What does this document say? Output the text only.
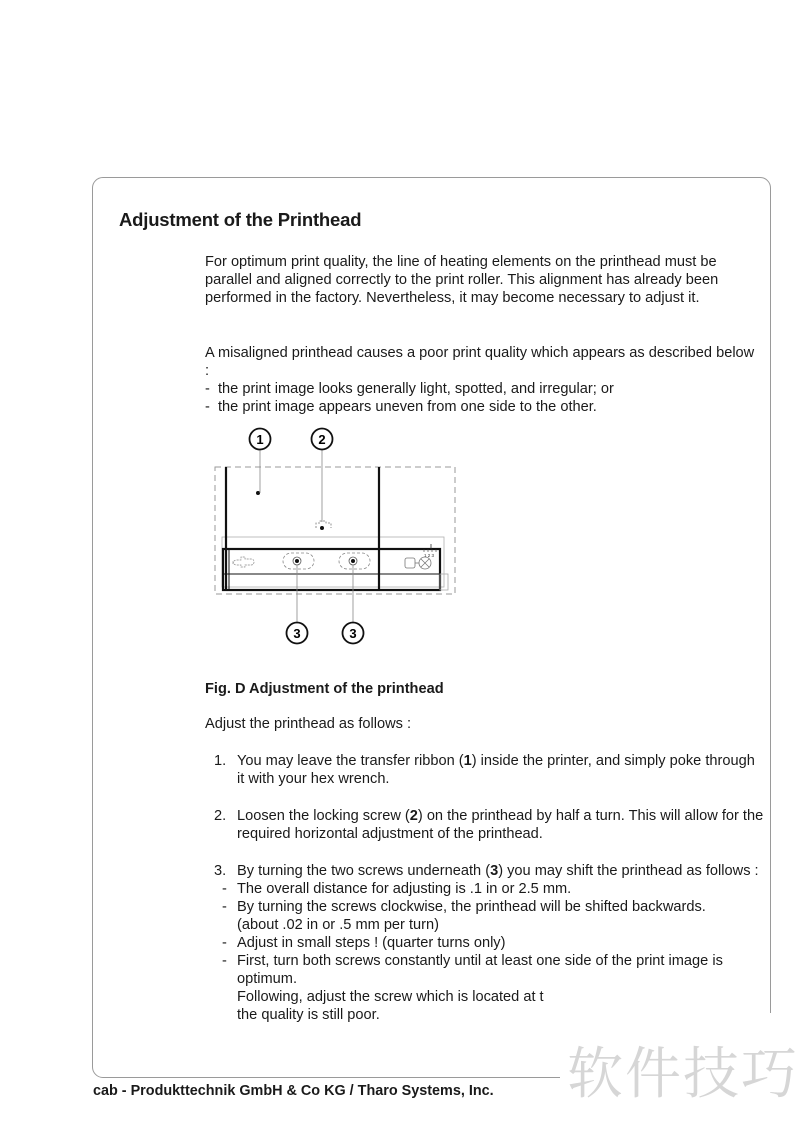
Adjustment of the Printhead

For optimum print quality, the line of heating elements on the printhead must be parallel and aligned correctly to the print roller. This alignment has already been performed in the factory. Nevertheless, it may become necessary to adjust it.

A misaligned printhead causes a poor print quality which appears as described below :
-  the print image looks generally light, spotted, and irregular; or
-  the print image appears uneven from one side to the other.
1 2 3
1	2
3	3

Fig. D Adjustment of the printhead

Adjust the printhead as follows :

1. You may leave the transfer ribbon (1) inside the printer, and simply poke through it with your hex wrench.

2. Loosen the locking screw (2) on the printhead by half a turn. This will allow for the required horizontal adjustment of the printhead.

3. By turning the two screws underneath (3) you may shift the printhead as follows :
- The overall distance for adjusting is .1 in or 2.5 mm.
- By turning the screws clockwise, the printhead will be shifted backwards.
(about .02 in or .5 mm per turn)
- Adjust in small steps ! (quarter turns only)
- First, turn both screws constantly until at least one side of the print image is optimum.
Following, adjust the screw which is located at t
the quality is still poor.
软件技巧

cab - Produkttechnik GmbH & Co KG / Tharo Systems, Inc.
